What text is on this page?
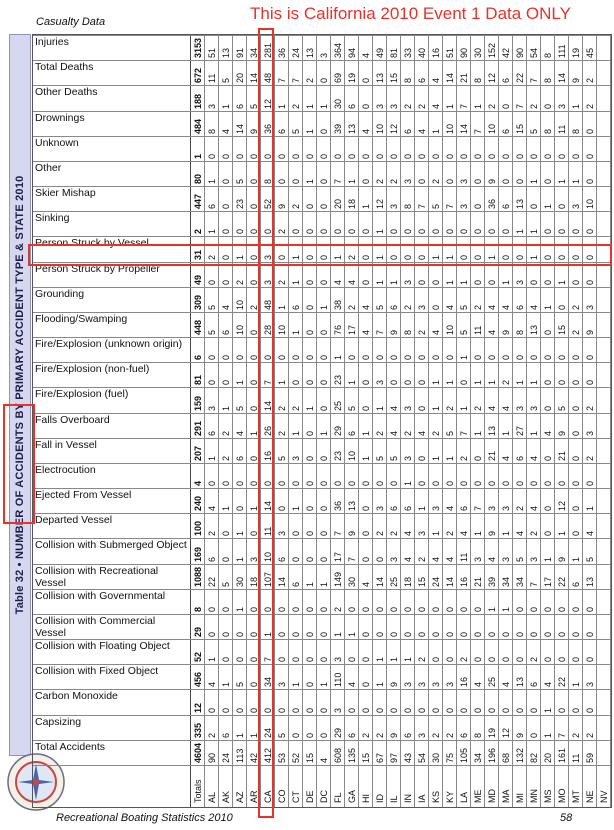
Casualty Data	This is California 2010 Event 1 Data ONLY
Table 32 • NUMBER OF ACCIDENTS BY PRIMARY ACCIDENT TYPE & STATE 2010
Totals AL AK AZ AR CA CO CT DE DC FL GA HI ID IL IN IA KS KY LA ME MD MA MI MN MS MO MT NE NV
Injuries	3153 51 13 91 34 281 36 24 13 3 364 94 4 49 81 33 40 16 51 90 30 152 42 90 54 8 111 19 45
Total Deaths
672 11 5 20 14 48 7 7 2 0 69 19 0 13 15 8 6 4 14 21 8 12 6 22 7 8 14 9 2
Other Deaths
188 3 1 6 5 12 1 2 1 1 30 6 0 3 3 2 2 4 1 7 1 2 0 7 2 0 3 1 2
Drownings
484 8 4 14 9 36 6 5 1 0 39 13 4 10 12 6 4 1 10 14 7 10 6 15 5 8 11 8 0
Unknown
1 0 0 0 0 0 0 0 0 0 0 0 0 0 0 0 0 0 0 0 0 0 0 0 0 0 0 0 0
Other
80 1 0 5 0 8 0 0 1 0 7 1 0 2 2 3 0 2 0 3 0 9 0 0 1 0 1 1 0
Skier Mishap
447 6 0 23 0 52 9 2 0 0 20 18 1 12 3 8 7 5 7 3 0 36 6 13 0 1 0 3 10
Sinking
2 1 0 0 0 0 2 0 0 0 0 0 0 1 0 0 0 0 0 0 0 0 0 1 1 0 0 0 0
Person Struck by Vessel
31 2 0 1 0 3 0 1 0 0 1 2 0 1 0 0 0 1 1 0 0 1 0 0 1 0 0 0 0
Person Struck by Propeller
49 0 0 2 0 3 2 1 0 0 4 4 0 1 1 3 0 0 1 1 0 0 1 3 0 0 1 0 0
Grounding
309 5 4 10 2 48 1 6 0 1 38 2 4 5 6 2 3 0 4 5 2 4 4 6 4 1 0 2 3
Flooding/Swamping
448 5 6 10 0 28 10 1 0 0 76 17 4 7 9 8 2 4 10 5 11 4 9 8 13 0 15 2 9
Fire/Explosion (unknown origin)
6 0 0 0 0 0 0 0 0 0 1 0 0 0 0 0 0 0 0 1 0 0 0 0 0 0 0 0 0
Fire/Explosion (non-fuel)
81 0 0 1 0 7 1 0 0 0 23 1 0 3 0 0 0 1 1 0 1 1 2 1 1 0 0 0 0
Fire/Explosion (fuel)
159 3 1 5 0 14 2 2 1 0 25 5 0 1 4 3 0 1 2 1 2 4 4 3 3 0 5 0 2
Falls Overboard
291 6 2 4 1 26 2 1 0 1 29 6 1 2 4 2 4 2 5 7 1 13 1 27 1 4 9 0 3
Fall in Vessel
207 1 2 6 0 16 5 3 0 0 23 10 1 5 5 3 0 1 1 2 0 21 4 6 4 0 21 0 2
Electrocution
4 0 0 0 0 0 0 0 0 0 0 0 0 0 0 1 0 0 0 0 0 0 0 0 0 0 0 0 0
Ejected From Vessel
240 4 1 0 1 14 0 1 0 0 36 13 0 3 6 6 1 3 4 6 7 3 3 2 4 0 12 0 1
Departed Vessel
100 2 0 1 0 11 3 0 0 0 7 9 0 2 2 4 3 1 2 4 1 9 1 4 2 0 1 0 4
Collision with Submerged Object
169 6 0 1 3 10 6 0 0 0 17 7 0 0 3 4 2 4 4 11 3 4 3 5 3 1 9 1 5
Collision with Recreational Vessel	1088 22 5 30 18 107 14 6 1 1 149 30 4 14 25 18 15 24 14 16 21 39 34 34 7 17 22 6 13
Collision with Governmental
8 0 0 1 0 0 0 0 0 0 2 0 0 0 0 0 0 0 0 0 0 1 1 0 0 0 0 0 0
Collision with Commercial Vessel	29 0 0 0 0 1 0 0 0 0 1 1 0 0 0 0 0 0 0 0 0 0 0 0 0 0 0 0 0
Collision with Floating Object
52 1 0 0 0 7 0 0 0 0 3 0 0 1 1 1 2 0 0 2 0 0 0 0 2 0 0 0 0
Collision with Fixed Object
456 4 1 5 0 34 3 1 0 1 110 4 0 1 9 3 3 3 3 16 4 25 4 13 6 4 22 1 3
Carbon Monoxide
12 0 0 0 0 0 0 0 0 0 3 0 0 0 0 0 0 0 0 0 0 0 0 0 0 1 0 0 0
Capsizing
335 2 6 1 1 24 5 0 0 0 29 6 2 2 9 6 3 2 2 6 8 19 12 9 0 1 7 2 2
Total Accidents	4604 90 24 113 42 412 53 52 15 4 608 135 15 67 97 43 54 30 75 105 34 196 68 132 82 20 161 11 59
Recreational Boating Statistics 2010	58
